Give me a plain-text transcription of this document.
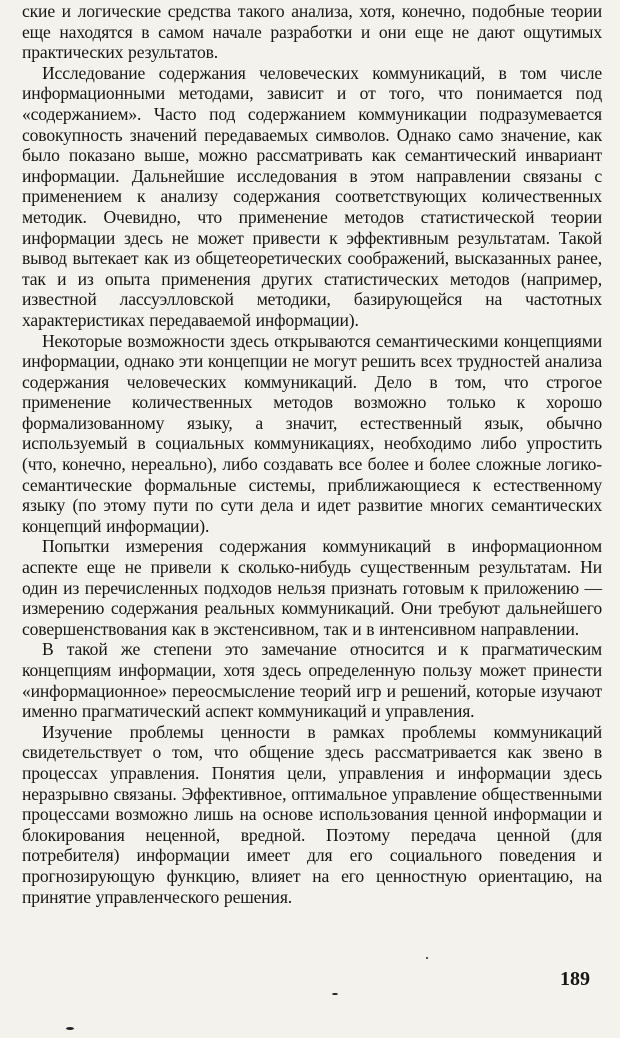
ские и логические средства такого анализа, хотя, конечно, подобные теории еще находятся в самом начале разработки и они еще не дают ощутимых практических результатов.

Исследование содержания человеческих коммуникаций, в том числе информационными методами, зависит и от того, что понимается под «содержанием». Часто под содержанием коммуникации подразумевается совокупность значений передаваемых символов. Однако само значение, как было показано выше, можно рассматривать как семантический инвариант информации. Дальнейшие исследования в этом направлении связаны с применением к анализу содержания соответствующих количественных методик. Очевидно, что применение методов статистической теории информации здесь не может привести к эффективным результатам. Такой вывод вытекает как из общетеоретических соображений, высказанных ранее, так и из опыта применения других статистических методов (например, известной лассуэлловской методики, базирующейся на частотных характеристиках передаваемой информации).

Некоторые возможности здесь открываются семантическими концепциями информации, однако эти концепции не могут решить всех трудностей анализа содержания человеческих коммуникаций. Дело в том, что строгое применение количественных методов возможно только к хорошо формализованному языку, а значит, естественный язык, обычно используемый в социальных коммуникациях, необходимо либо упростить (что, конечно, нереально), либо создавать все более и более сложные логико-семантические формальные системы, приближающиеся к естественному языку (по этому пути по сути дела и идет развитие многих семантических концепций информации).

Попытки измерения содержания коммуникаций в информационном аспекте еще не привели к сколько-нибудь существенным результатам. Ни один из перечисленных подходов нельзя признать готовым к приложению — измерению содержания реальных коммуникаций. Они требуют дальнейшего совершенствования как в экстенсивном, так и в интенсивном направлении.

В такой же степени это замечание относится и к прагматическим концепциям информации, хотя здесь определенную пользу может принести «информационное» переосмысление теорий игр и решений, которые изучают именно прагматический аспект коммуникаций и управления.

Изучение проблемы ценности в рамках проблемы коммуникаций свидетельствует о том, что общение здесь рассматривается как звено в процессах управления. Понятия цели, управления и информации здесь неразрывно связаны. Эффективное, оптимальное управление общественными процессами возможно лишь на основе использования ценной информации и блокирования неценной, вредной. Поэтому передача ценной (для потребителя) информации имеет для его социального поведения и прогнозирующую функцию, влияет на его ценностную ориентацию, на принятие управленческого решения.

189
